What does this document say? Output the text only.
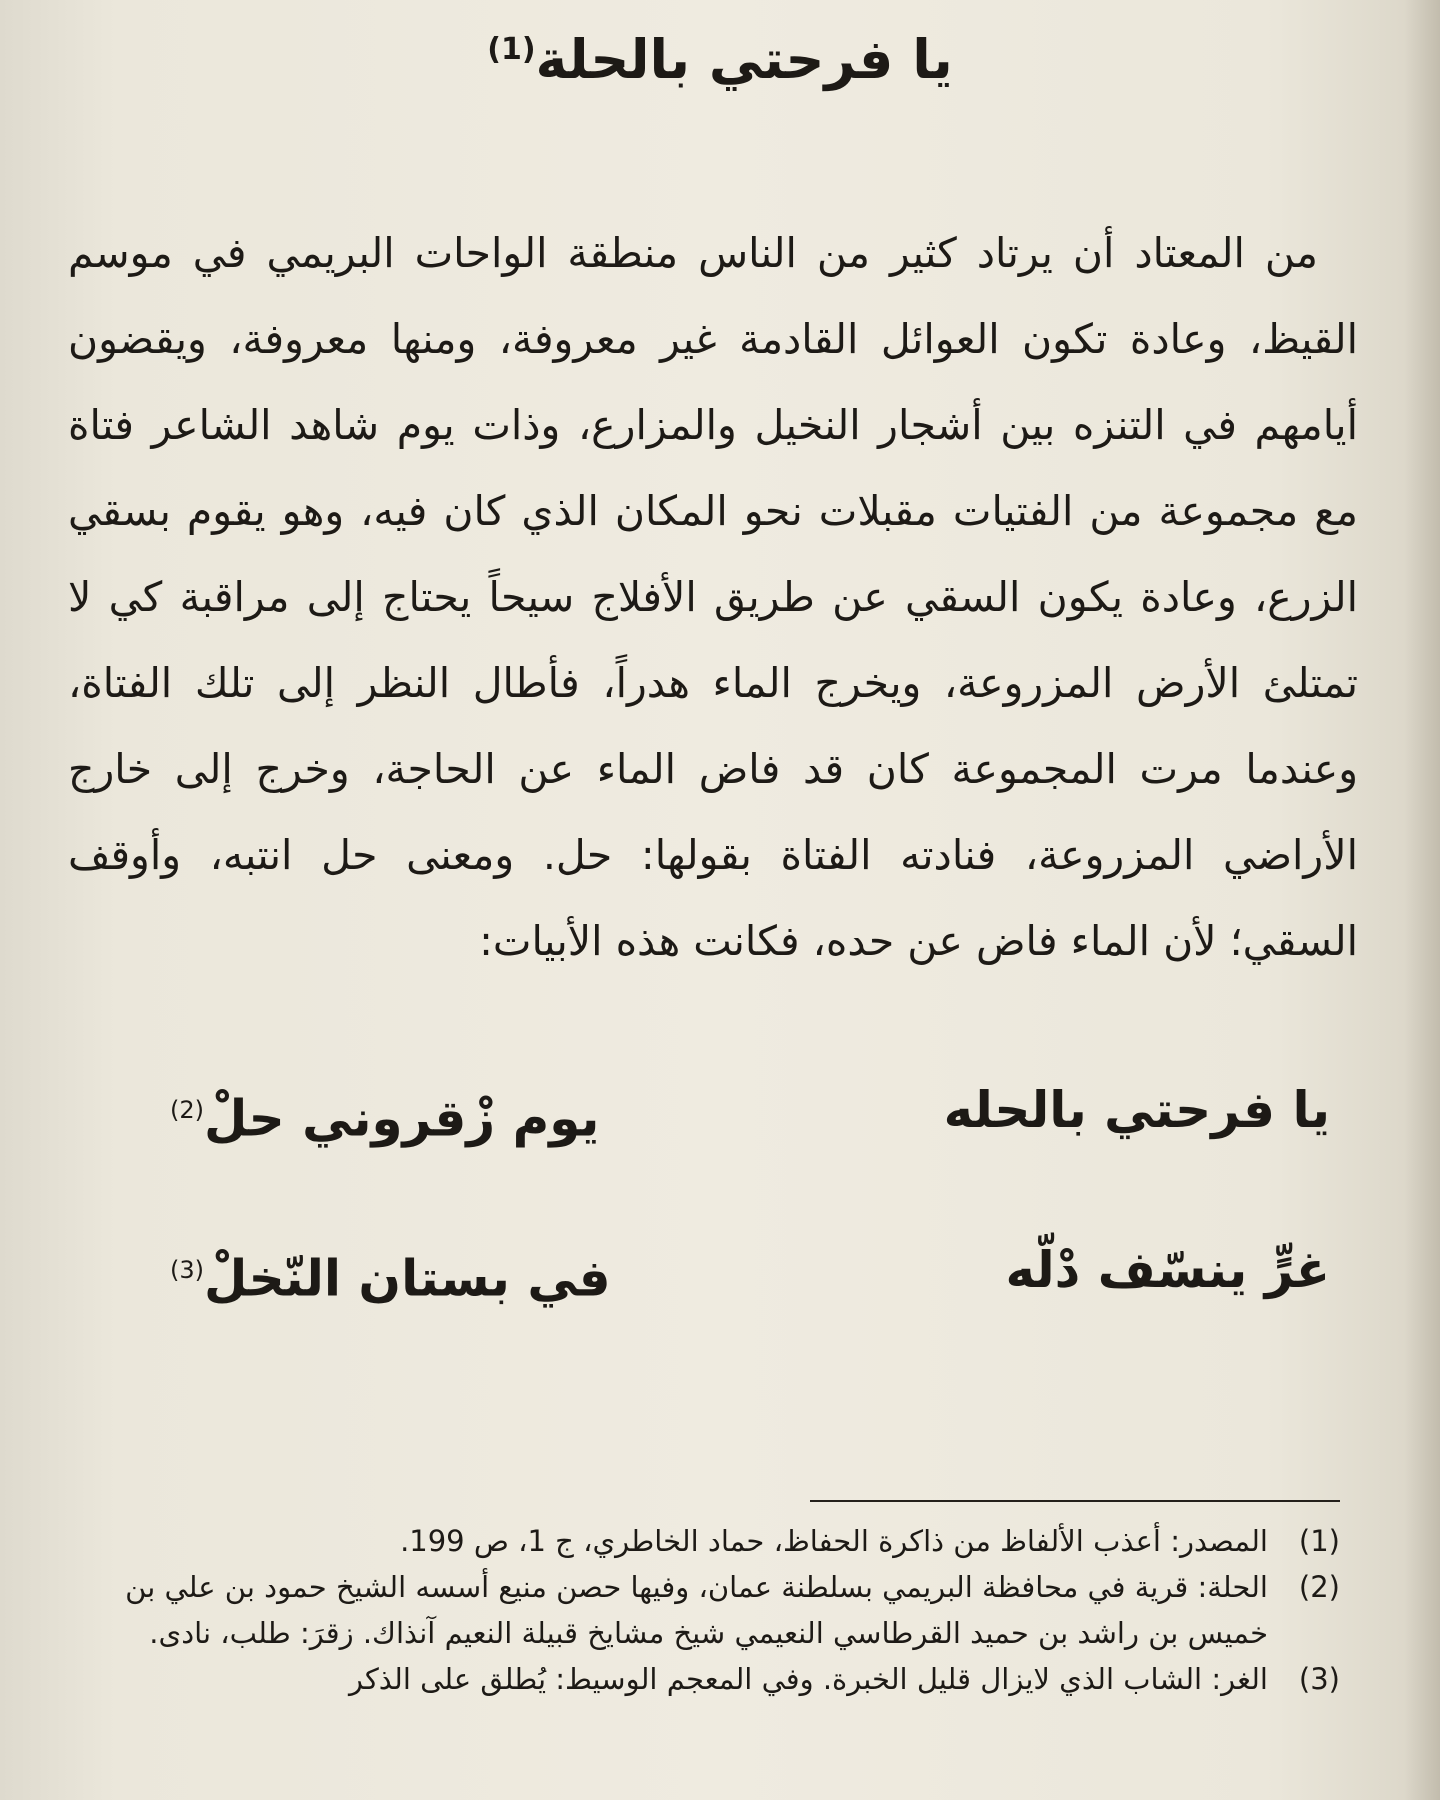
يا فرحتي بالحلة$^{(1)}$

من المعتاد أن يرتاد كثير من الناس منطقة الواحات البريمي في موسم القيظ، وعادة تكون العوائل القادمة غير معروفة، ومنها معروفة، ويقضون أيامهم في التنزه بين أشجار النخيل والمزارع، وذات يوم شاهد الشاعر فتاة مع مجموعة من الفتيات مقبلات نحو المكان الذي كان فيه، وهو يقوم بسقي الزرع، وعادة يكون السقي عن طريق الأفلاج سيحاً يحتاج إلى مراقبة كي لا تمتلئ الأرض المزروعة، ويخرج الماء هدراً، فأطال النظر إلى تلك الفتاة، وعندما مرت المجموعة كان قد فاض الماء عن الحاجة، وخرج إلى خارج الأراضي المزروعة، فنادته الفتاة بقولها: حل. ومعنى حل انتبه، وأوقف السقي؛ لأن الماء فاض عن حده، فكانت هذه الأبيات:

يا فرحتي بالحله
يوم زْقروني حلْ$^{(2)}$
غرٍّ ينسّف دْلّه
في بستان النّخلْ$^{(3)}$

(1)
المصدر: أعذب الألفاظ من ذاكرة الحفاظ، حماد الخاطري، ج 1، ص 199.

(2)
الحلة: قرية في محافظة البريمي بسلطنة عمان، وفيها حصن منيع أسسه الشيخ حمود بن علي بن خميس بن راشد بن حميد القرطاسي النعيمي شيخ مشايخ قبيلة النعيم آنذاك. زقرَ: طلب، نادى.

(3)
الغر: الشاب الذي لايزال قليل الخبرة. وفي المعجم الوسيط: يُطلق على الذكر
